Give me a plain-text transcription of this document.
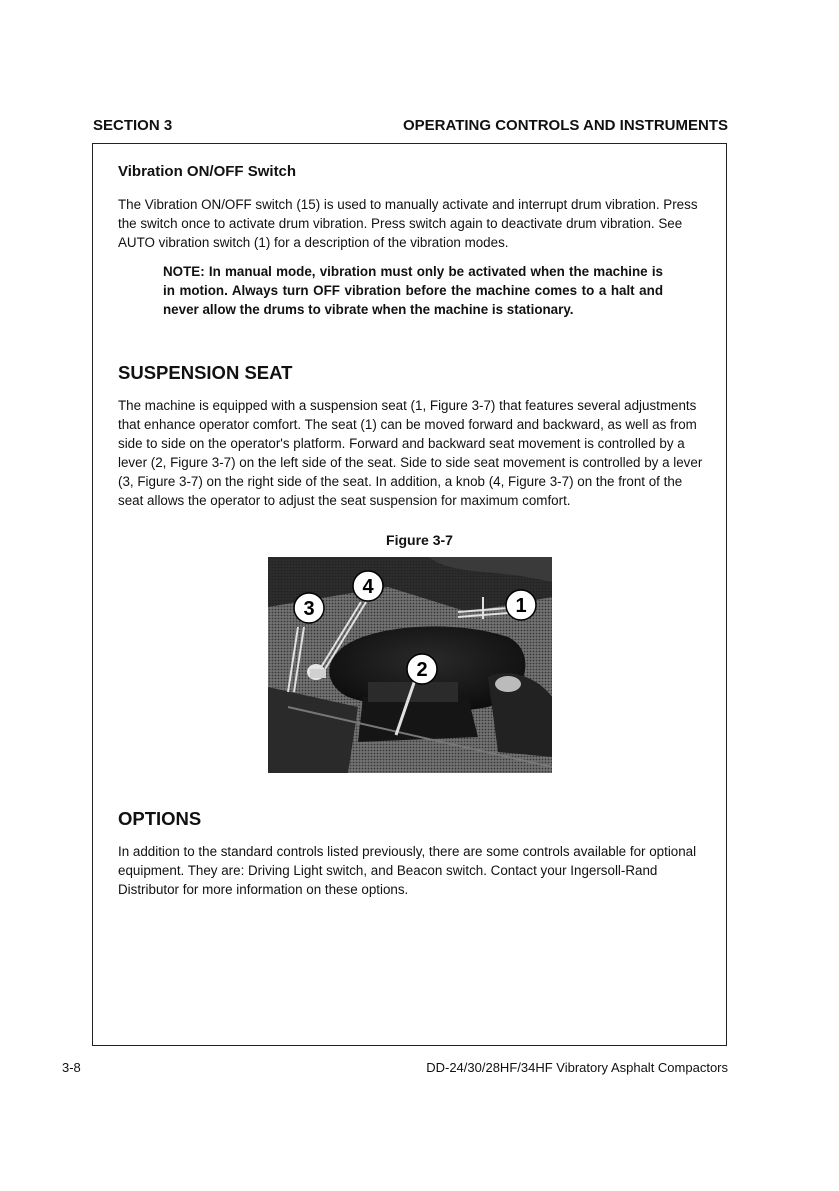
SECTION 3	OPERATING CONTROLS AND INSTRUMENTS
Vibration ON/OFF Switch

The Vibration ON/OFF switch (15) is used to manually activate and interrupt drum vibration. Press the switch once to activate drum vibration. Press switch again to deactivate drum vibration. See AUTO vibration switch (1) for a description of the vibration modes.

NOTE: In manual mode, vibration must only be activated when the machine is in motion. Always turn OFF vibration before the machine comes to a halt and never allow the drums to vibrate when the machine is stationary.

SUSPENSION SEAT

The machine is equipped with a suspension seat (1, Figure 3-7) that features several adjustments that enhance operator comfort. The seat (1) can be moved forward and backward, as well as from side to side on the operator's platform. Forward and backward seat movement is controlled by a lever (2, Figure 3-7) on the left side of the seat. Side to side seat movement is controlled by a lever (3, Figure 3-7) on the right side of the seat. In addition, a knob (4, Figure 3-7) on the front of the seat allows the operator to adjust the seat suspension for maximum comfort.

Figure 3-7
1
2
3
4
OPTIONS

In addition to the standard controls listed previously, there are some controls available for optional equipment. They are: Driving Light switch, and Beacon switch. Contact your Ingersoll-Rand Distributor for more information on these options.

3-8	DD-24/30/28HF/34HF Vibratory Asphalt Compactors
